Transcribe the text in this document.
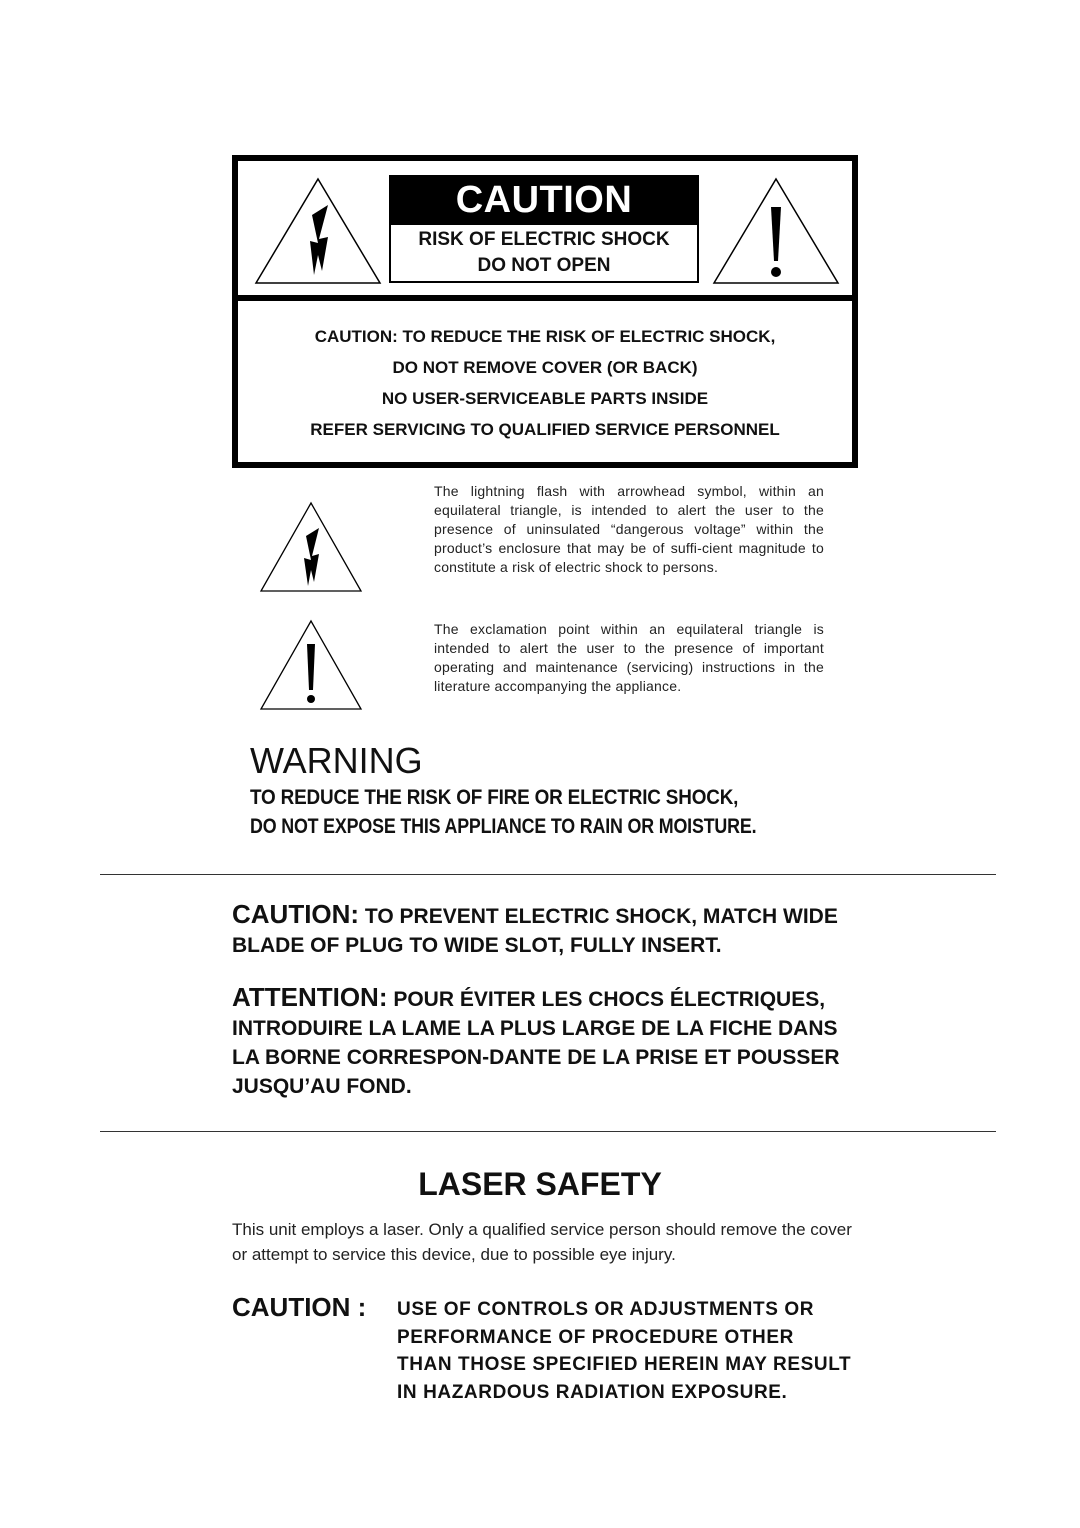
CAUTION
RISK OF ELECTRIC SHOCK
DO NOT OPEN
CAUTION: TO REDUCE THE RISK OF ELECTRIC SHOCK,
DO NOT REMOVE COVER (OR BACK)
NO USER-SERVICEABLE PARTS INSIDE
REFER SERVICING TO QUALIFIED SERVICE PERSONNEL
The lightning flash with arrowhead symbol, within an equilateral triangle, is intended to alert the user to the presence of uninsulated “dangerous voltage” within the product’s enclosure that may be of suffi-cient magnitude to constitute a risk of electric shock to persons.
The exclamation point within an equilateral triangle is intended to alert the user to the presence of important operating and maintenance (servicing) instructions in the literature accompanying the appliance.
WARNING
TO REDUCE THE RISK OF FIRE OR ELECTRIC SHOCK,
DO NOT EXPOSE THIS APPLIANCE TO RAIN OR MOISTURE.
CAUTION: TO PREVENT ELECTRIC SHOCK, MATCH WIDE BLADE OF PLUG TO WIDE SLOT, FULLY INSERT.
ATTENTION: POUR ÉVITER LES CHOCS ÉLECTRIQUES, INTRODUIRE LA LAME LA PLUS LARGE DE LA FICHE DANS LA BORNE CORRESPON-DANTE DE LA PRISE ET POUSSER JUSQU’AU FOND.
LASER SAFETY
This unit employs a laser. Only a qualified service person should remove the cover or attempt to service this device, due to possible eye injury.
CAUTION : USE OF CONTROLS OR ADJUSTMENTS OR PERFORMANCE OF PROCEDURE OTHER THAN THOSE SPECIFIED HEREIN MAY RESULT IN HAZARDOUS RADIATION EXPOSURE.
